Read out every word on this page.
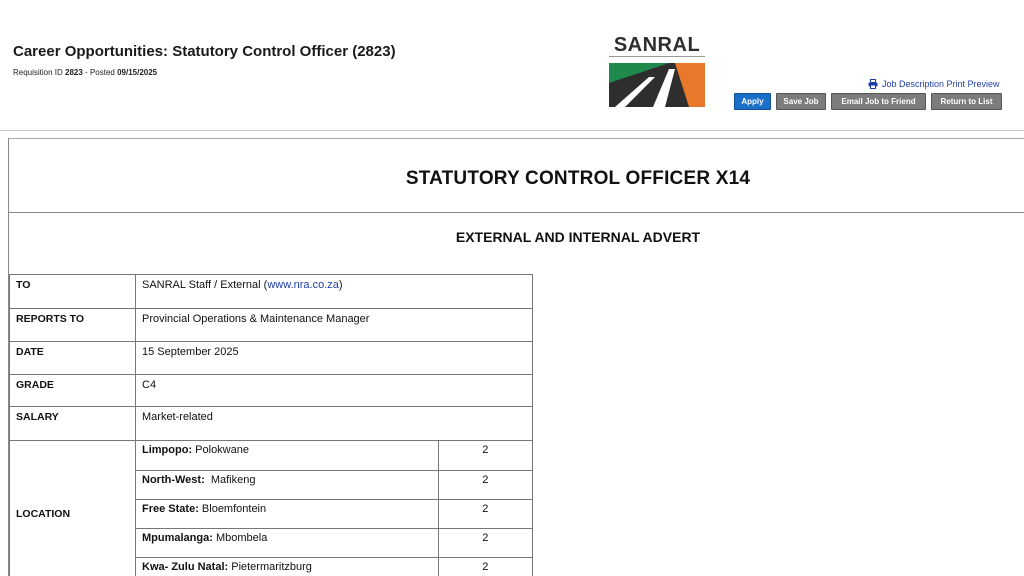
Career Opportunities: Statutory Control Officer (2823)
Requisition ID 2823 - Posted 09/15/2025
SANRAL
Job Description Print Preview
Apply	Save Job	Email Job to Friend	Return to List
STATUTORY CONTROL OFFICER X14
EXTERNAL AND INTERNAL ADVERT
TO	SANRAL Staff / External (www.nra.co.za)
REPORTS TO	Provincial Operations & Maintenance Manager
DATE	15 September 2025
GRADE	C4
SALARY	Market-related
LOCATION	
Limpopo: Polokwane	2
North-West:  Mafikeng	2
Free State: Bloemfontein	2
Mpumalanga: Mbombela	2
Kwa- Zulu Natal: Pietermaritzburg	2
